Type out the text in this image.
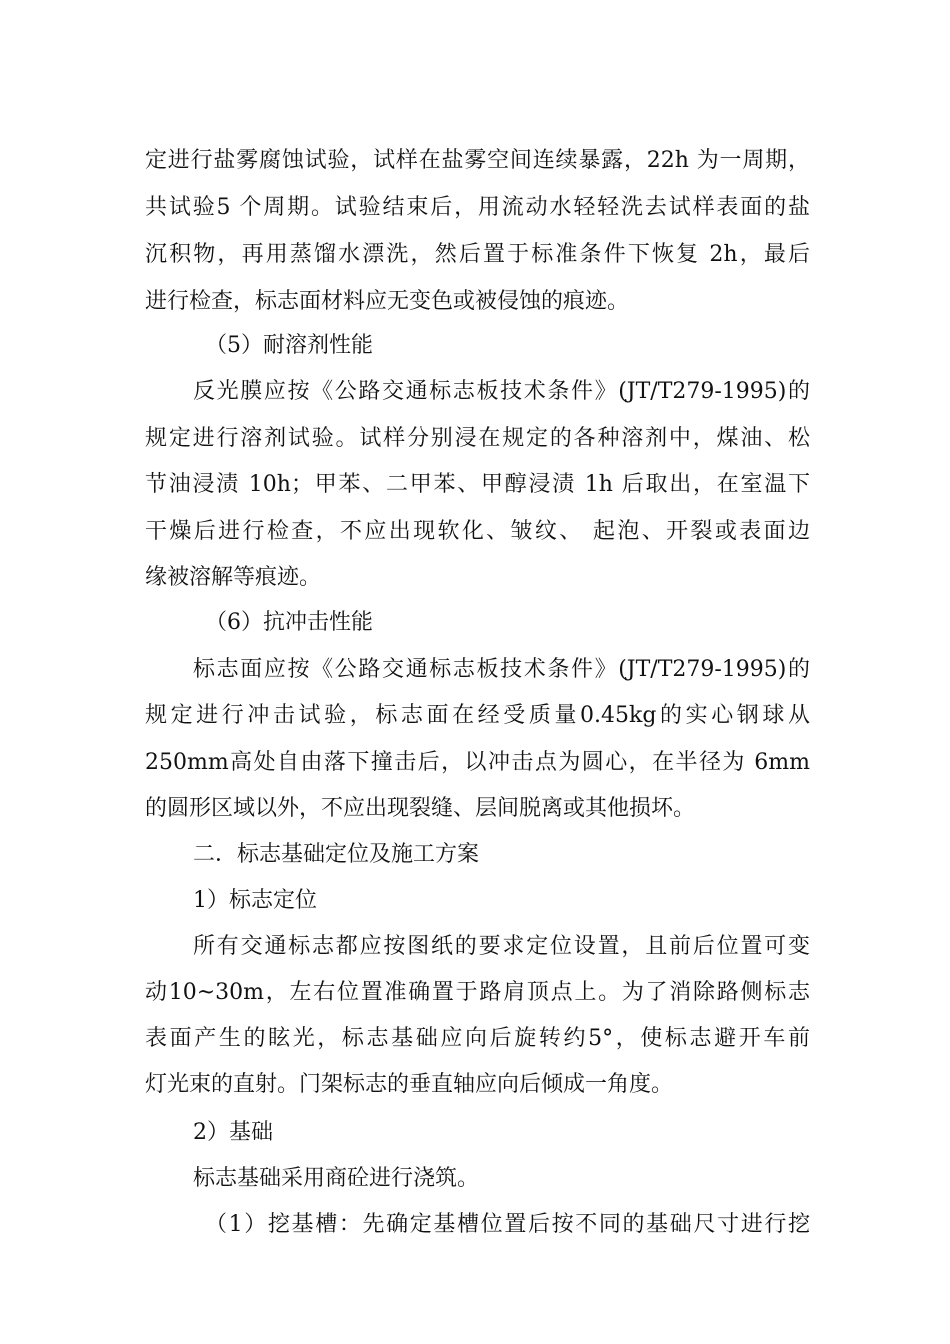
定进行盐雾腐蚀试验，试样在盐雾空间连续暴露，22h 为一周期，
共试验5 个周期。试验结束后，用流动水轻轻洗去试样表面的盐
沉积物，再用蒸馏水漂洗，然后置于标准条件下恢复 2h，最后
进行检查，标志面材料应无变色或被侵蚀的痕迹。
（5）耐溶剂性能
反光膜应按《公路交通标志板技术条件》(JT/T279-1995)的
规定进行溶剂试验。试样分别浸在规定的各种溶剂中，煤油、松
节油浸渍 10h；甲苯、二甲苯、甲醇浸渍 1h 后取出，在室温下
干燥后进行检查，不应出现软化、皱纹、 起泡、开裂或表面边
缘被溶解等痕迹。
（6）抗冲击性能
标志面应按《公路交通标志板技术条件》(JT/T279-1995)的
规定进行冲击试验，标志面在经受质量0.45kg的实心钢球从
250mm高处自由落下撞击后，以冲击点为圆心，在半径为 6mm
的圆形区域以外，不应出现裂缝、层间脱离或其他损坏。
二．标志基础定位及施工方案
1）标志定位
所有交通标志都应按图纸的要求定位设置，且前后位置可变
动10~30m，左右位置准确置于路肩顶点上。为了消除路侧标志
表面产生的眩光，标志基础应向后旋转约5°，使标志避开车前
灯光束的直射。门架标志的垂直轴应向后倾成一角度。
2）基础
标志基础采用商砼进行浇筑。
（1）挖基槽：先确定基槽位置后按不同的基础尺寸进行挖
